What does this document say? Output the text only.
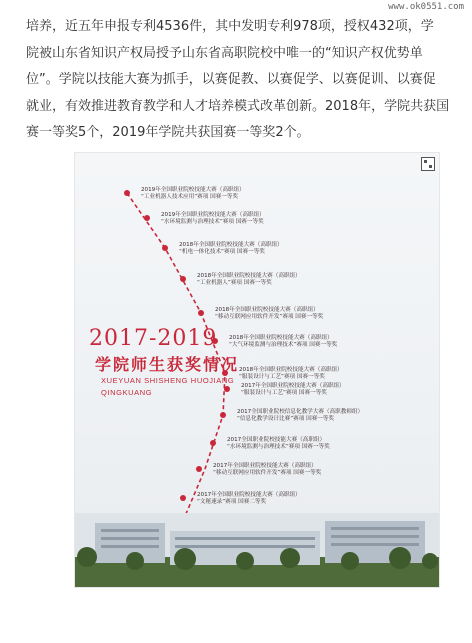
www.ok0551.com
培养，近五年申报专利4536件，其中发明专利978项，授权432项，学
院被山东省知识产权局授予山东省高职院校中唯一的“知识产权优势单
位”。学院以技能大赛为抓手，以赛促教、以赛促学、以赛促训、以赛促
就业，有效推进教育教学和人才培养模式改革创新。2018年，学院共获国
赛一等奖5个，2019年学院共获国赛一等奖2个。
2019年全国职业院校技能大赛（高职组）
“工业机器人技术应用”赛项 国赛一等奖
2019年全国职业院校技能大赛（高职组）
“水环境监测与治理技术”赛项 国赛一等奖
2018年全国职业院校技能大赛（高职组）
“机电一体化技术”赛项 国赛一等奖
2018年全国职业院校技能大赛（高职组）
“工业机器人”赛项 国赛一等奖
2018年全国职业院校技能大赛（高职组）
“移动互联网应用软件开发”赛项 国赛一等奖
2018年全国职业院校技能大赛（高职组）
“大气环境监测与治理技术”赛项 国赛一等奖
2018年全国职业院校技能大赛（高职组）
“服装设计与工艺”赛项 国赛一等奖
2017年全国职业院校技能大赛（高职组）
“服装设计与工艺”赛项 国赛一等奖
2017全国职业院校信息化教学大赛（高职教师组）
“信息化教学设计比赛”赛项 国赛一等奖
2017全国职业院校技能大赛（高职组）
“水环境监测与治理技术”赛项 国赛一等奖
2017年全国职业院校技能大赛（高职组）
“移动互联网应用软件开发”赛项 国赛一等奖
2017年全国职业院校技能大赛（高职组）
“文秘速录”赛项 国赛二等奖
2017-2019
学院师生获奖情况
XUEYUAN SHISHENG HUOJIANG
QINGKUANG
